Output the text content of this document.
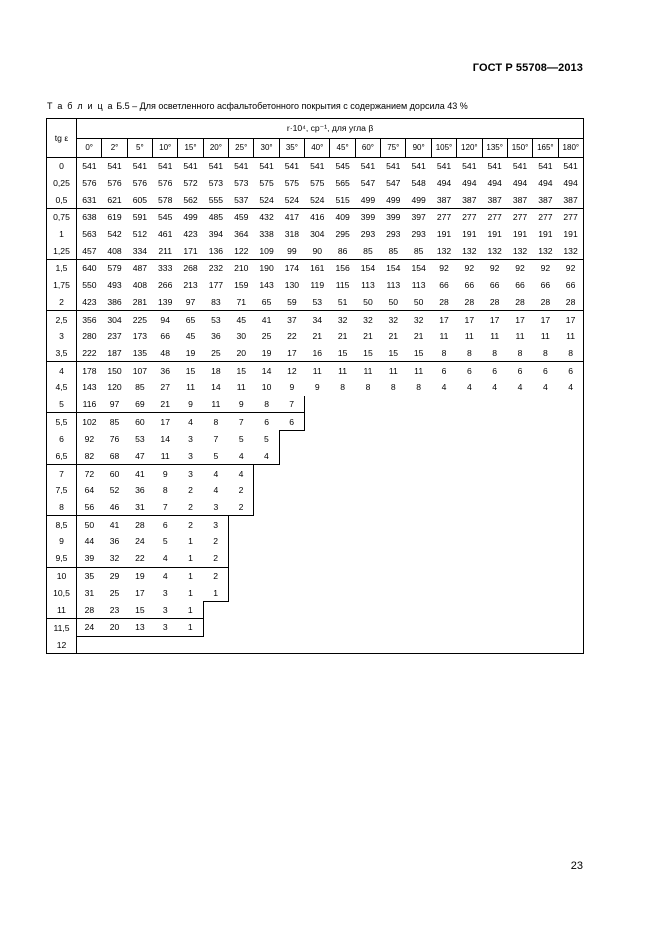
ГОСТ Р 55708—2013
Т а б л и ц а Б.5 – Для осветленного асфальтобетонного покрытия с содержанием дорсила 43 %
tg ε	r·10⁴, ср⁻¹, для угла β																			
	0°	2°	5°	10°	15°	20°	25°	30°	35°	40°	45°	60°	75°	90°	105°	120°	135°	150°	165°	180°
0	541	541	541	541	541	541	541	541	541	541	545	541	541	541	541	541	541	541	541	541
0,25	576	576	576	576	572	573	573	575	575	575	565	547	547	548	494	494	494	494	494	494
0,5	631	621	605	578	562	555	537	524	524	524	515	499	499	499	387	387	387	387	387	387
0,75	638	619	591	545	499	485	459	432	417	416	409	399	399	397	277	277	277	277	277	277
1	563	542	512	461	423	394	364	338	318	304	295	293	293	293	191	191	191	191	191	191
1,25	457	408	334	211	171	136	122	109	99	90	86	85	85	85	132	132	132	132	132	132
1,5	640	579	487	333	268	232	210	190	174	161	156	154	154	154	92	92	92	92	92	92
1,75	550	493	408	266	213	177	159	143	130	119	115	113	113	113	66	66	66	66	66	66
2	423	386	281	139	97	83	71	65	59	53	51	50	50	50	28	28	28	28	28	28
2,5	356	304	225	94	65	53	45	41	37	34	32	32	32	32	17	17	17	17	17	17
3	280	237	173	66	45	36	30	25	22	21	21	21	21	21	11	11	11	11	11	11
3,5	222	187	135	48	19	25	20	19	17	16	15	15	15	15	8	8	8	8	8	8
4	178	150	107	36	15	18	15	14	12	11	11	11	11	11	6	6	6	6	6	6
4,5	143	120	85	27	11	14	11	10	9	9	8	8	8	8	4	4	4	4	4	4
5	116	97	69	21	9	11	9	8	7											
5,5	102	85	60	17	4	8	7	6	6											
6	92	76	53	14	3	7	5	5												
6,5	82	68	47	11	3	5	4	4												
7	72	60	41	9	3	4	4													
7,5	64	52	36	8	2	4	2													
8	56	46	31	7	2	3	2													
8,5	50	41	28	6	2	3														
9	44	36	24	5	1	2														
9,5	39	32	22	4	1	2														
10	35	29	19	4	1	2														
10,5	31	25	17	3	1	1														
11	28	23	15	3	1															
11,5	24	20	13	3	1															
12																				
23
